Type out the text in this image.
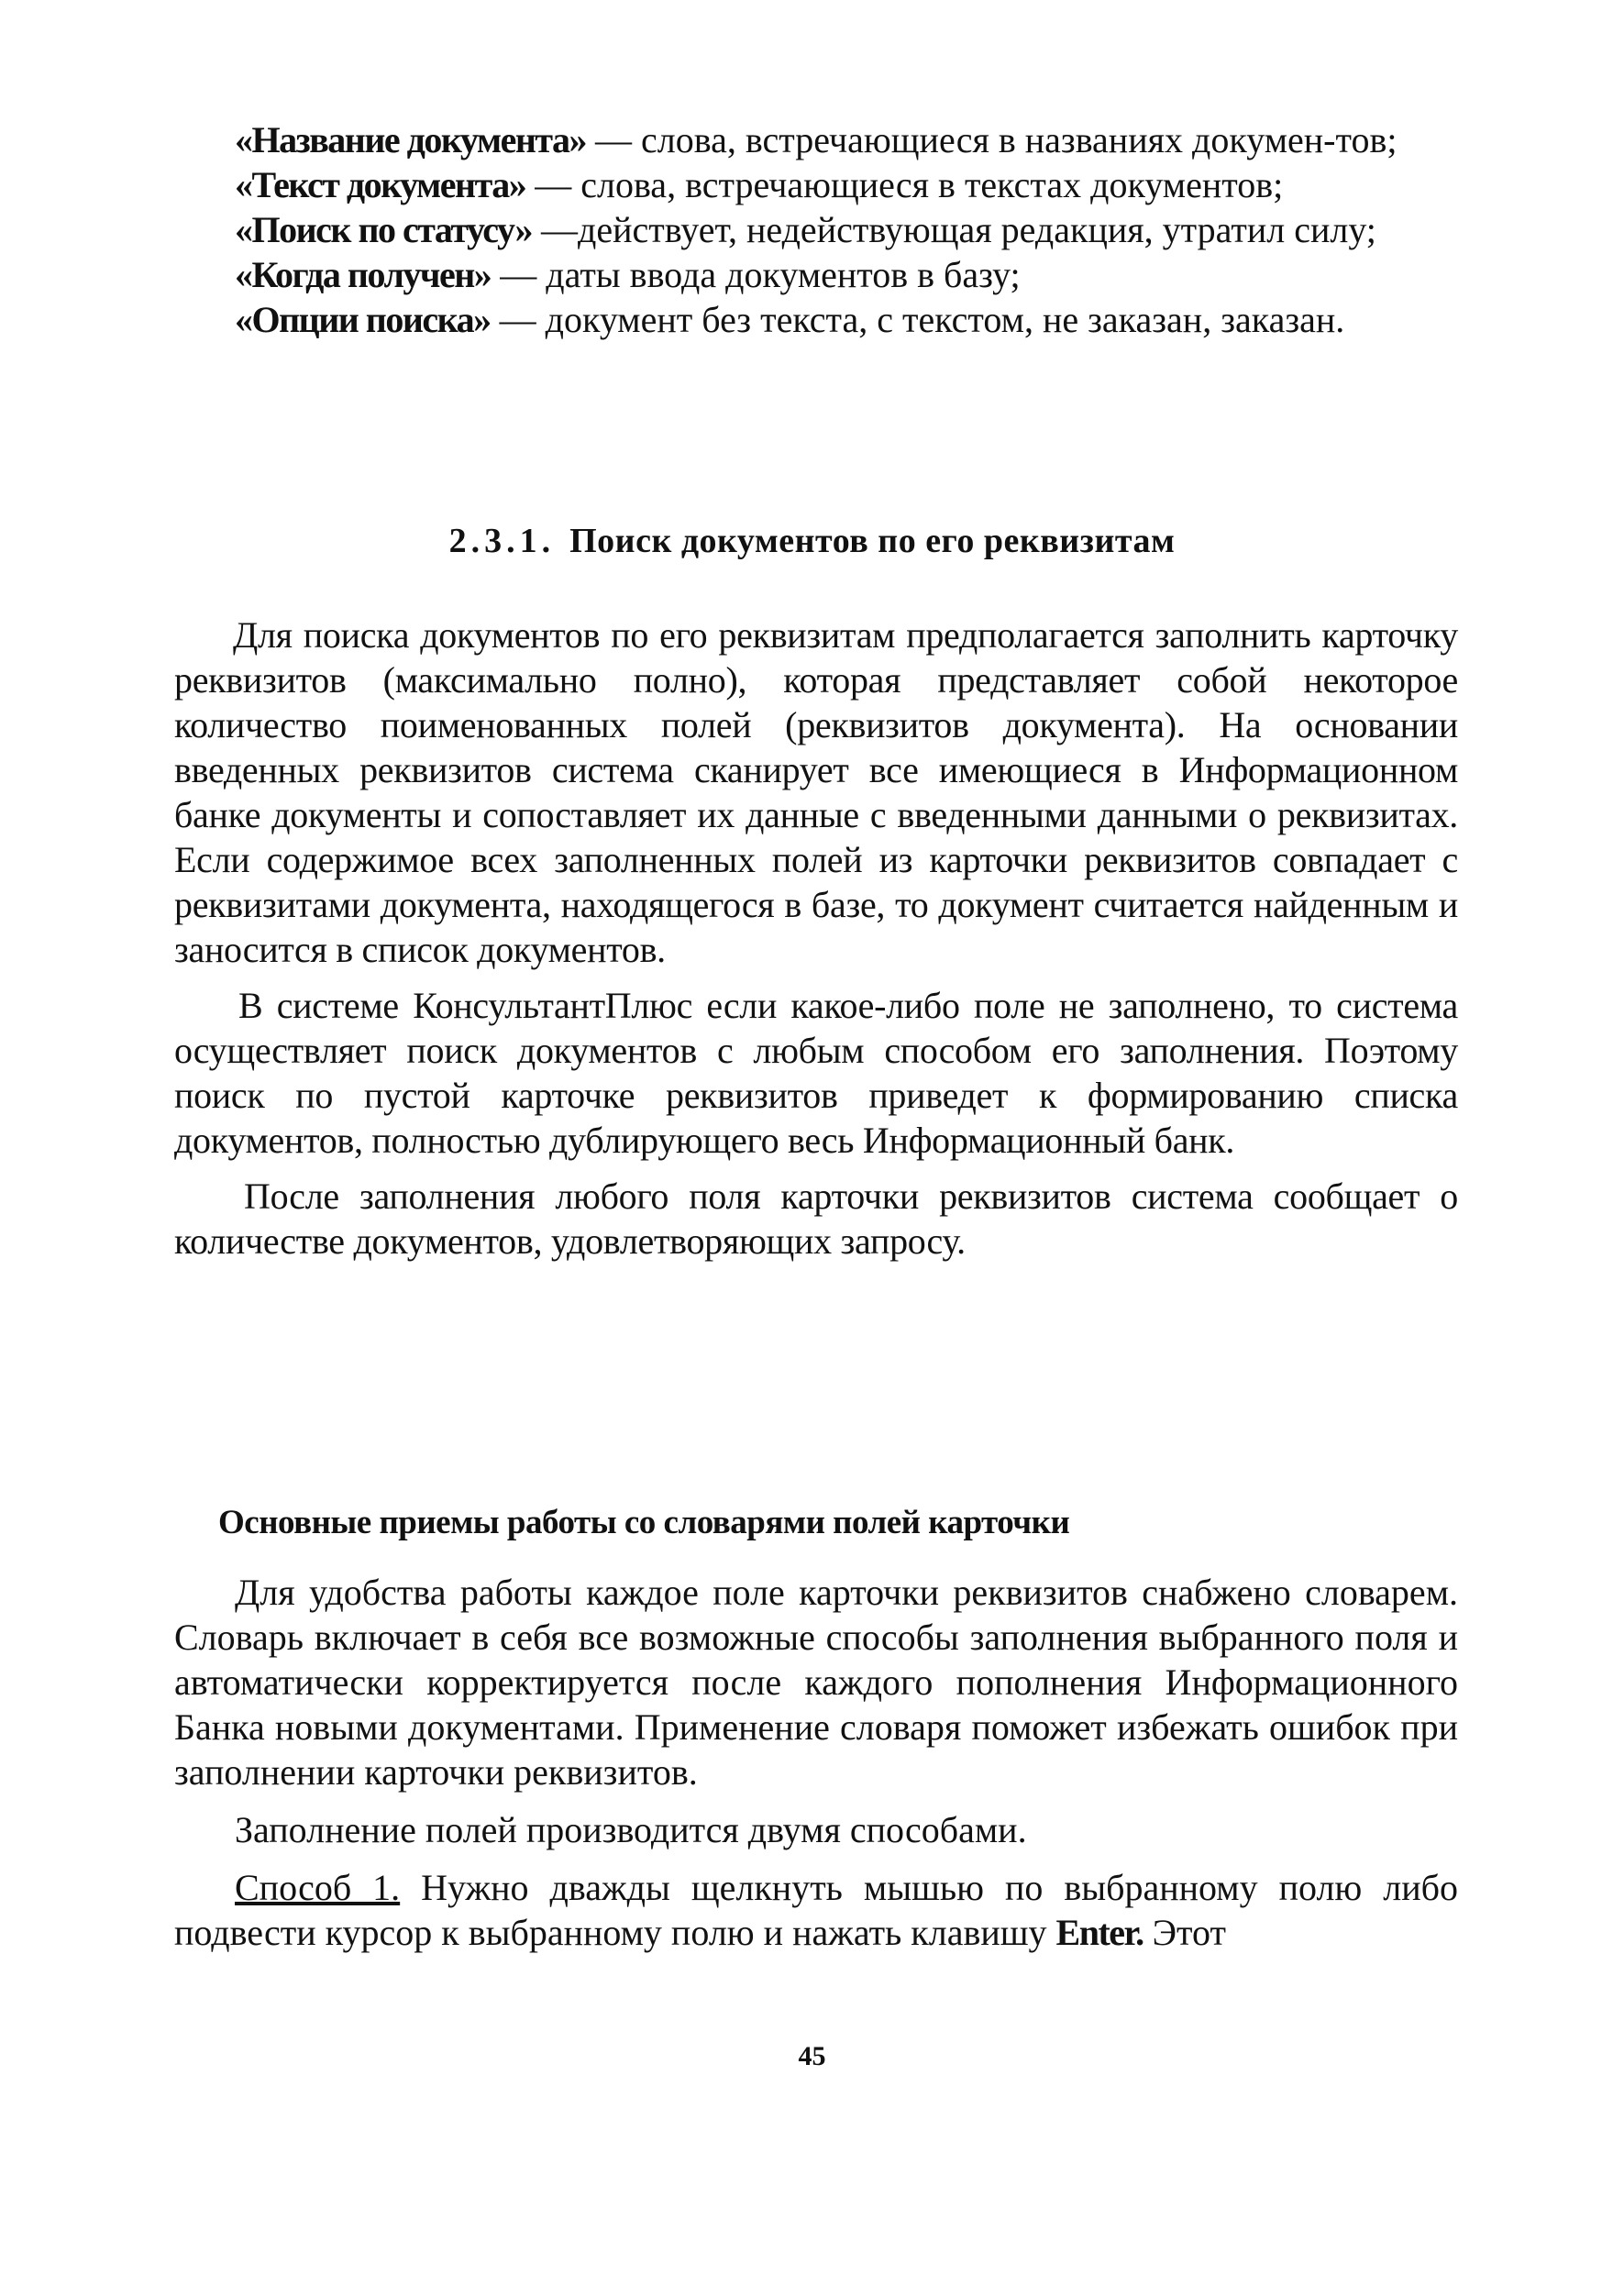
«Название документа» — слова, встречающиеся в названиях докумен-тов;

«Текст документа» — слова, встречающиеся в текстах документов;

«Поиск по статусу» —действует, недействующая редакция, утратил силу;

«Когда получен» — даты ввода документов в базу;

«Опции поиска» — документ без текста, с текстом, не заказан, заказан.

2.3.1. Поиск документов по его реквизитам

Для поиска документов по его реквизитам предполагается заполнить карточку реквизитов (максимально полно), которая представляет собой некоторое количество поименованных полей (реквизитов документа). На основании введенных реквизитов система сканирует все имеющиеся в Информационном банке документы и сопоставляет их данные с введенными данными о реквизитах. Если содержимое всех заполненных полей из карточки реквизитов совпадает с реквизитами документа, находящегося в базе, то документ считается найденным и заносится в список документов.

В системе КонсультантПлюс если какое-либо поле не заполнено, то система осуществляет поиск документов с любым способом его заполнения. Поэтому поиск по пустой карточке реквизитов приведет к формированию списка документов, полностью дублирующего весь Информационный банк.

После заполнения любого поля карточки реквизитов система сообщает о количестве документов, удовлетворяющих запросу.

Основные приемы работы со словарями полей карточки

Для удобства работы каждое поле карточки реквизитов снабжено словарем. Словарь включает в себя все возможные способы заполнения выбранного поля и автоматически корректируется после каждого пополнения Информационного Банка новыми документами. Применение словаря поможет избежать ошибок при заполнении карточки реквизитов.

Заполнение полей производится двумя способами.

Способ 1. Нужно дважды щелкнуть мышью по выбранному полю либо подвести курсор к выбранному полю и нажать клавишу Enter. Этот

45
